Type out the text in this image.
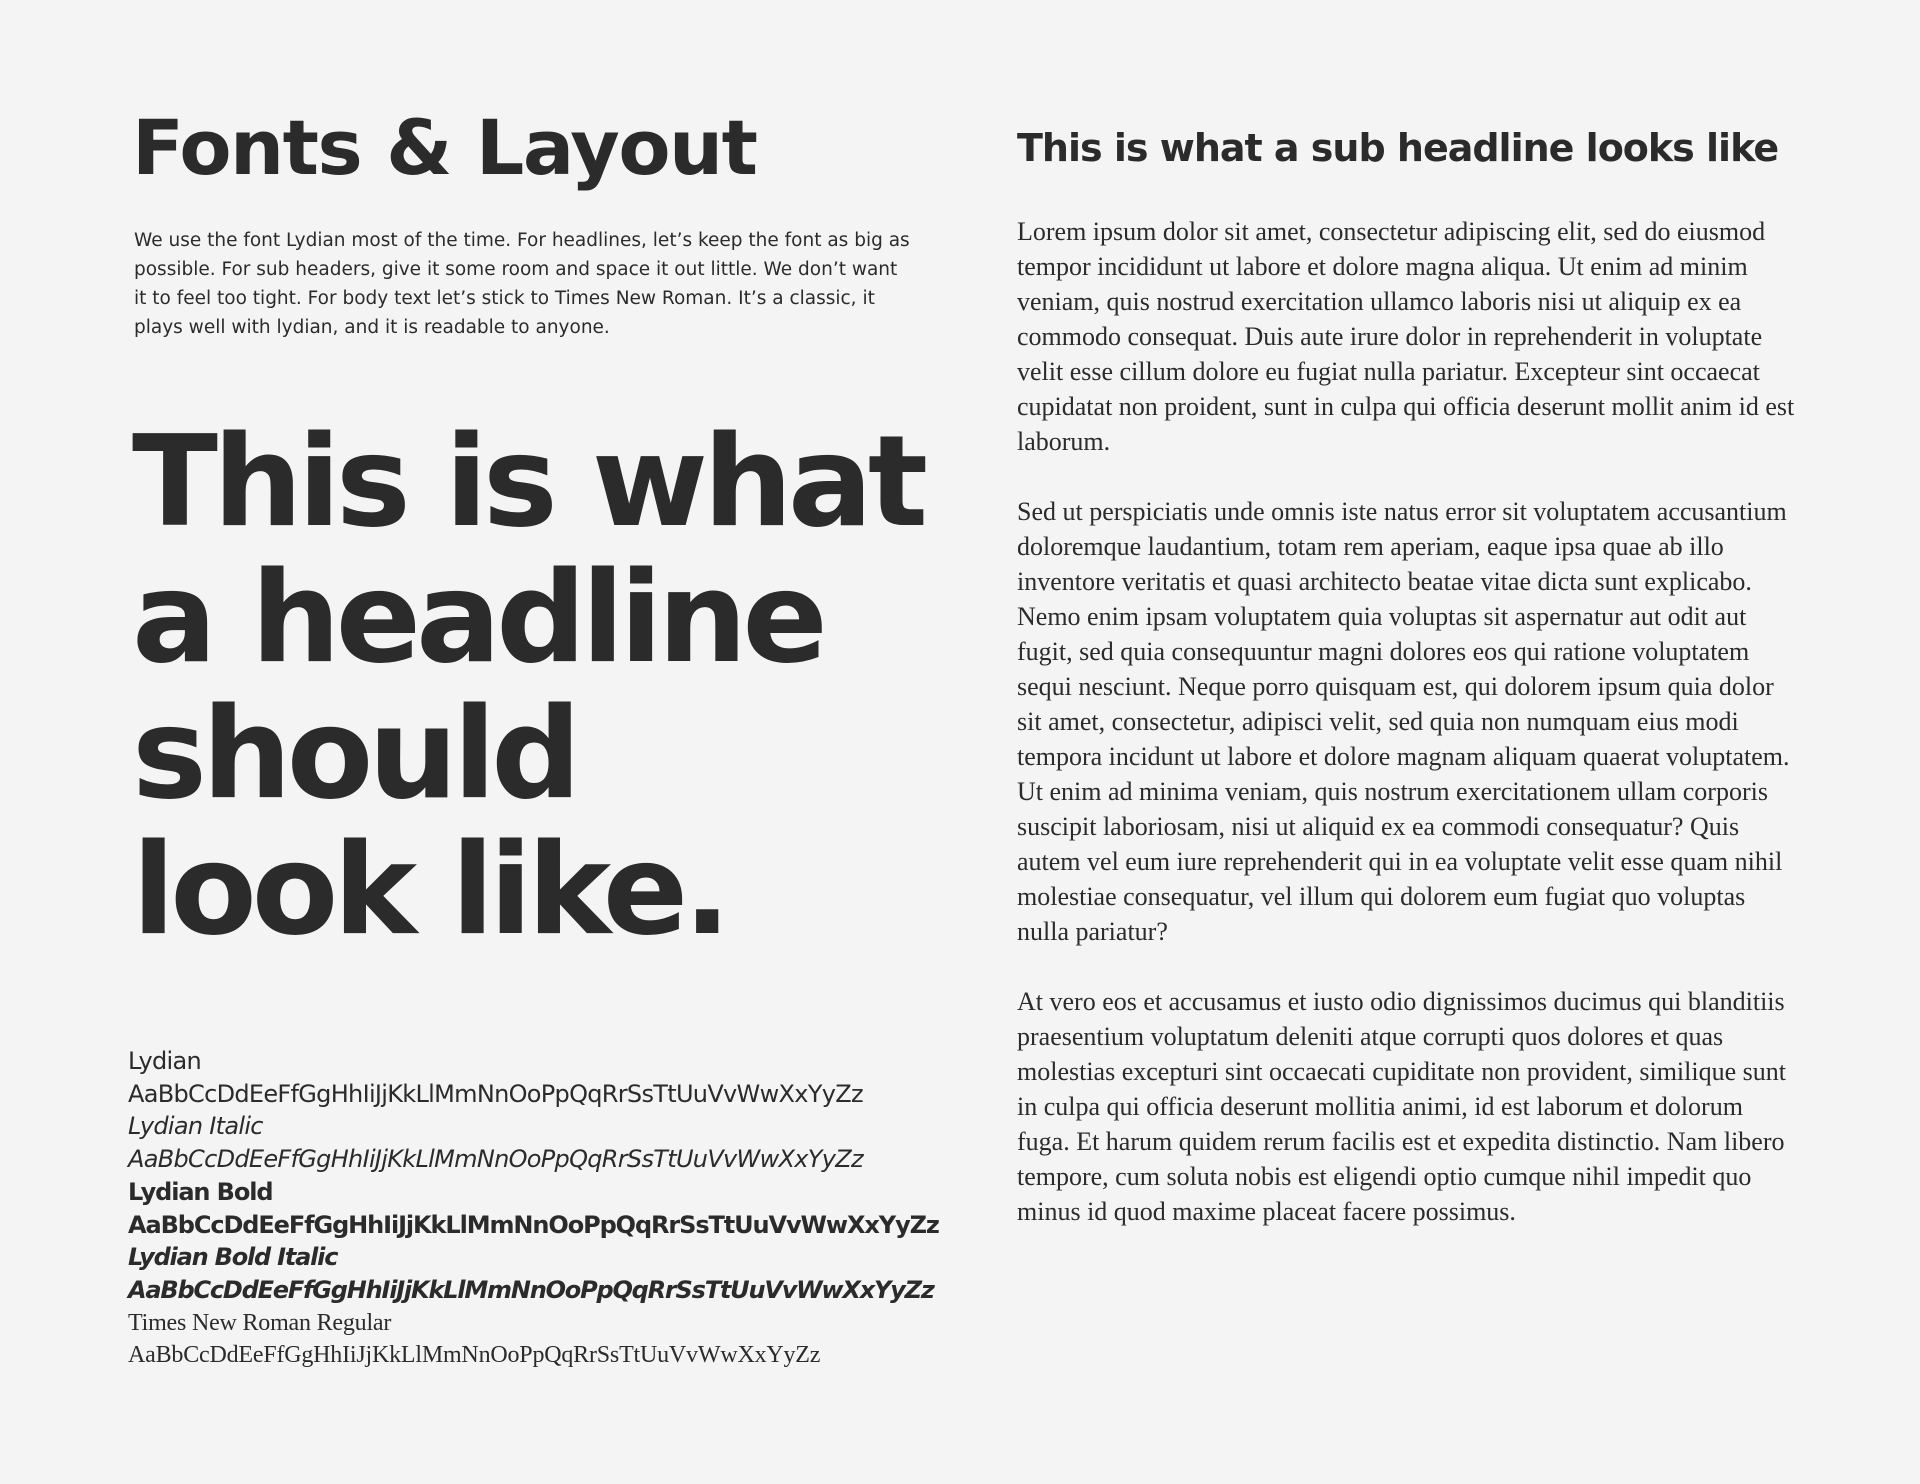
Fonts & Layout

We use the font Lydian most of the time. For headlines, let’s keep the font as big as possible. For sub headers, give it some room and space it out little. We don’t want it to feel too tight. For body text let’s stick to Times New Roman. It’s a classic, it plays well with lydian, and it is readable to anyone.

This is what
a headline
should
look like.
Lydian
AaBbCcDdEeFfGgHhIiJjKkLlMmNnOoPpQqRrSsTtUuVvWwXxYyZz
Lydian Italic
AaBbCcDdEeFfGgHhIiJjKkLlMmNnOoPpQqRrSsTtUuVvWwXxYyZz
Lydian Bold
AaBbCcDdEeFfGgHhIiJjKkLlMmNnOoPpQqRrSsTtUuVvWwXxYyZz
Lydian Bold Italic
AaBbCcDdEeFfGgHhIiJjKkLlMmNnOoPpQqRrSsTtUuVvWwXxYyZz
Times New Roman Regular
AaBbCcDdEeFfGgHhIiJjKkLlMmNnOoPpQqRrSsTtUuVvWwXxYyZz
This is what a sub headline looks like

Lorem ipsum dolor sit amet, consectetur adipiscing elit, sed do eiusmod tempor incididunt ut labore et dolore magna aliqua. Ut enim ad minim veniam, quis nostrud exercitation ullamco laboris nisi ut aliquip ex ea commodo consequat. Duis aute irure dolor in reprehenderit in voluptate velit esse cillum dolore eu fugiat nulla pariatur. Excepteur sint occaecat cupidatat non proident, sunt in culpa qui officia deserunt mollit anim id est laborum.

Sed ut perspiciatis unde omnis iste natus error sit voluptatem accusantium doloremque laudantium, totam rem aperiam, eaque ipsa quae ab illo inventore veritatis et quasi architecto beatae vitae dicta sunt explicabo. Nemo enim ipsam voluptatem quia voluptas sit aspernatur aut odit aut fugit, sed quia consequuntur magni dolores eos qui ratione voluptatem sequi nesciunt. Neque porro quisquam est, qui dolorem ipsum quia dolor sit amet, consectetur, adipisci velit, sed quia non numquam eius modi tempora incidunt ut labore et dolore magnam aliquam quaerat voluptatem. Ut enim ad minima veniam, quis nostrum exercitationem ullam corporis suscipit laboriosam, nisi ut aliquid ex ea commodi consequatur? Quis autem vel eum iure reprehenderit qui in ea voluptate velit esse quam nihil molestiae consequatur, vel illum qui dolorem eum fugiat quo voluptas nulla pariatur?

At vero eos et accusamus et iusto odio dignissimos ducimus qui blanditiis praesentium voluptatum deleniti atque corrupti quos dolores et quas molestias excepturi sint occaecati cupiditate non provident, similique sunt in culpa qui officia deserunt mollitia animi, id est laborum et dolorum fuga. Et harum quidem rerum facilis est et expedita distinctio. Nam libero tempore, cum soluta nobis est eligendi optio cumque nihil impedit quo minus id quod maxime placeat facere possimus.
